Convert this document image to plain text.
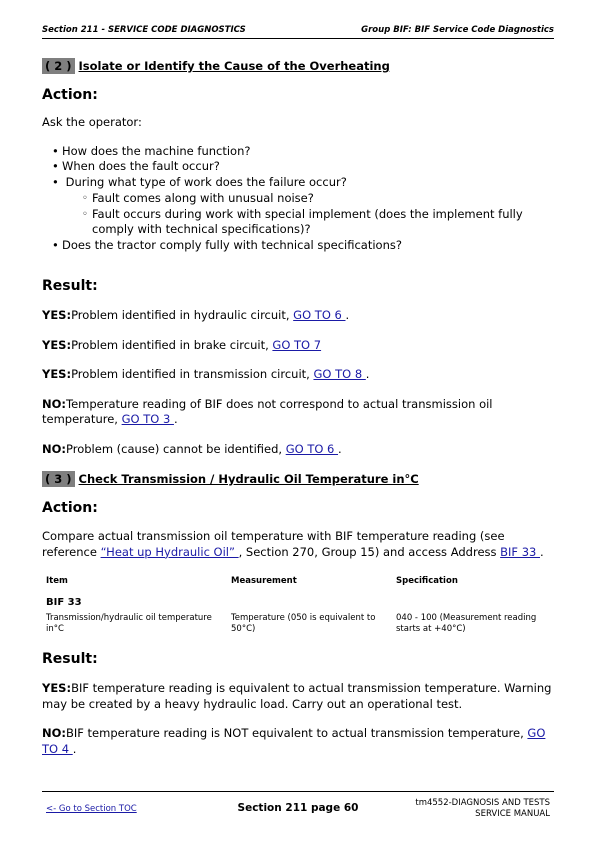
Section 211 - SERVICE CODE DIAGNOSTICS	Group BIF: BIF Service Code Diagnostics
( 2 ) Isolate or Identify the Cause of the Overheating
Action:

Ask the operator:

• How does the machine function?
• When does the fault occur?
• During what type of work does the failure occur?
◦ Fault comes along with unusual noise?
◦ Fault occurs during work with special implement (does the implement fully comply with technical specifications)?
• Does the tractor comply fully with technical specifications?
Result:

YES:Problem identified in hydraulic circuit, GO TO 6 .

YES:Problem identified in brake circuit, GO TO 7

YES:Problem identified in transmission circuit, GO TO 8 .

NO:Temperature reading of BIF does not correspond to actual transmission oil temperature, GO TO 3 .

NO:Problem (cause) cannot be identified, GO TO 6 .

( 3 ) Check Transmission / Hydraulic Oil Temperature in°C
Action:

Compare actual transmission oil temperature with BIF temperature reading (see reference “Heat up Hydraulic Oil” , Section 270, Group 15) and access Address BIF 33 .

Item	Measurement	Specification
BIF 33		
Transmission/hydraulic oil temperature in°C	Temperature (050 is equivalent to 50°C)	040 - 100 (Measurement reading starts at +40°C)
Result:

YES:BIF temperature reading is equivalent to actual transmission temperature. Warning may be created by a heavy hydraulic load. Carry out an operational test.

NO:BIF temperature reading is NOT equivalent to actual transmission temperature, GO TO 4 .

<- Go to Section TOC	Section 211 page 60	tm4552-DIAGNOSIS AND TESTS
SERVICE MANUAL
